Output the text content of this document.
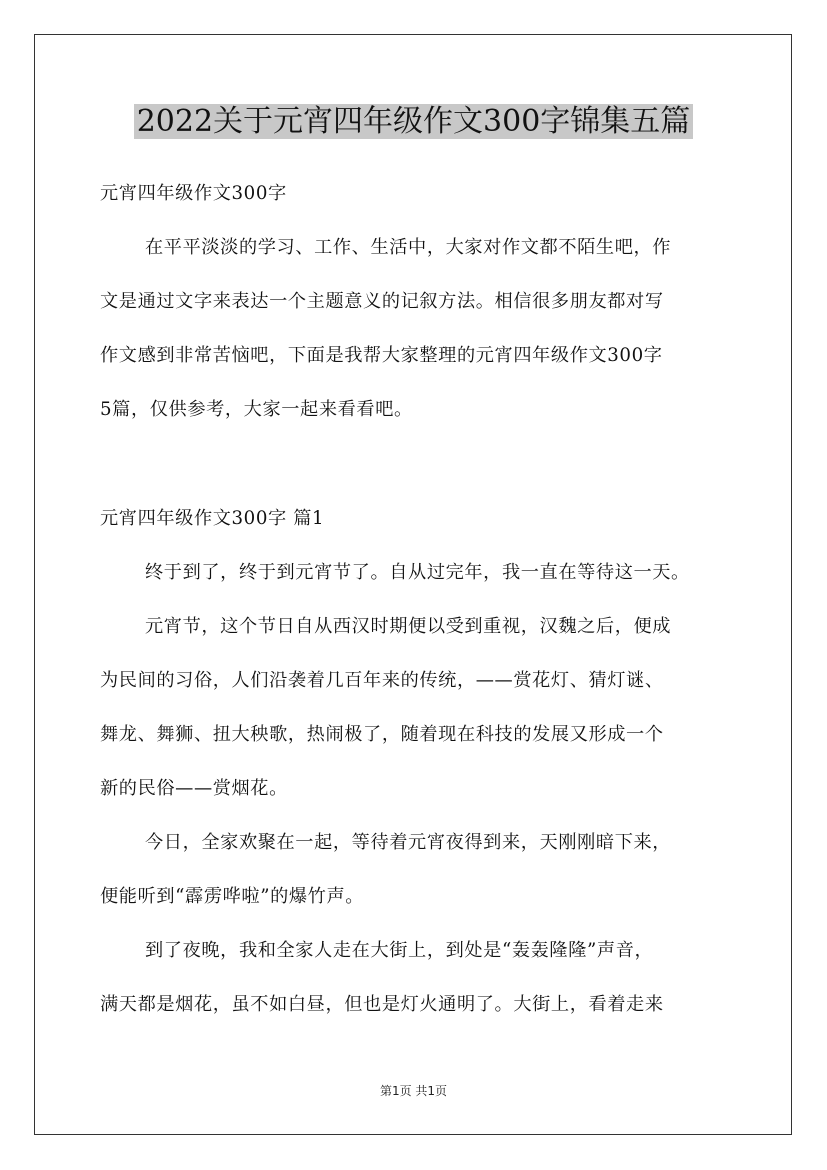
2022关于元宵四年级作文300字锦集五篇
元宵四年级作文300字
在平平淡淡的学习、工作、生活中，大家对作文都不陌生吧，作
文是通过文字来表达一个主题意义的记叙方法。相信很多朋友都对写
作文感到非常苦恼吧，下面是我帮大家整理的元宵四年级作文300字
5篇，仅供参考，大家一起来看看吧。
元宵四年级作文300字 篇1
终于到了，终于到元宵节了。自从过完年，我一直在等待这一天。
元宵节，这个节日自从西汉时期便以受到重视，汉魏之后，便成
为民间的习俗，人们沿袭着几百年来的传统，——赏花灯、猜灯谜、
舞龙、舞狮、扭大秧歌，热闹极了，随着现在科技的发展又形成一个
新的民俗——赏烟花。
今日，全家欢聚在一起，等待着元宵夜得到来，天刚刚暗下来，
便能听到“霹雳哗啦”的爆竹声。
到了夜晚，我和全家人走在大街上，到处是“轰轰隆隆”声音，
满天都是烟花，虽不如白昼，但也是灯火通明了。大街上，看着走来
第1页 共1页
